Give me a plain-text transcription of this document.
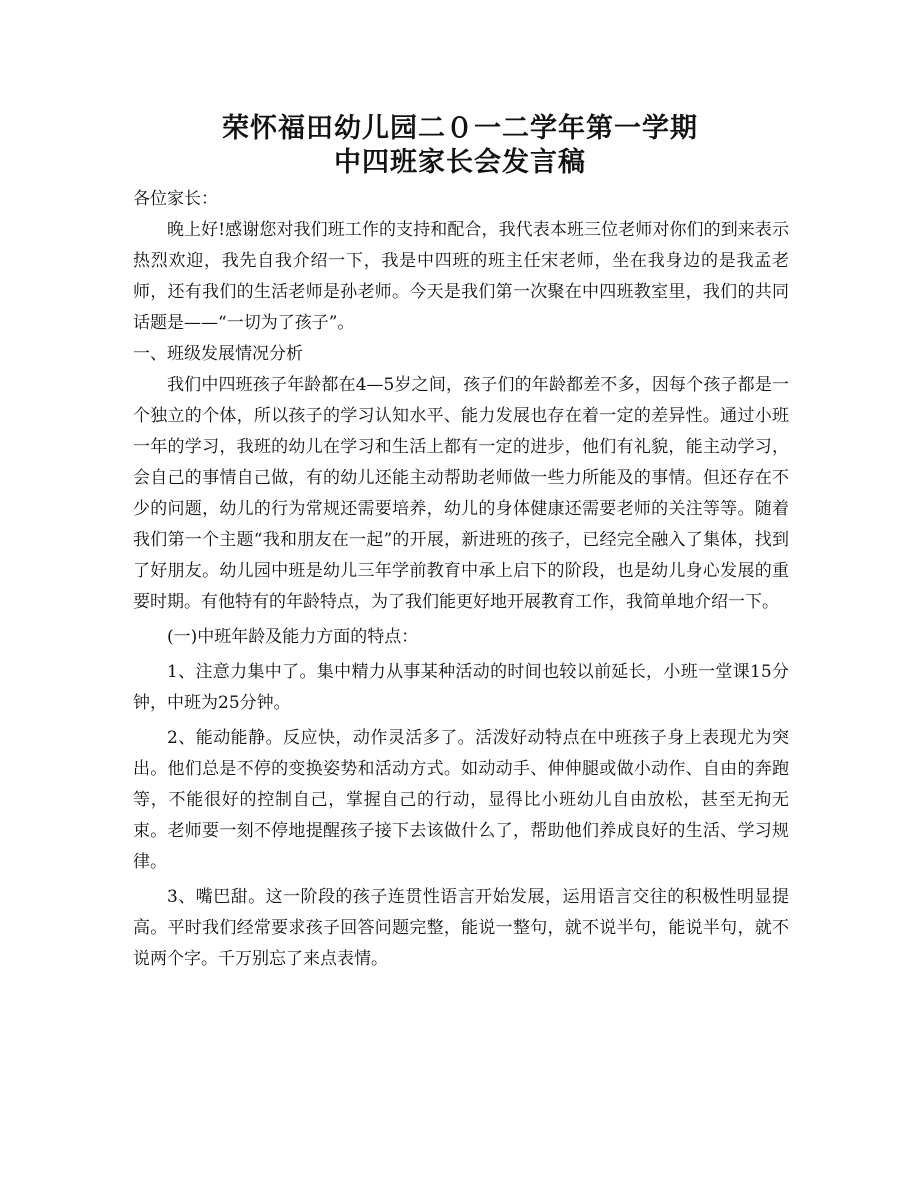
荣怀福田幼儿园二０一二学年第一学期
中四班家长会发言稿

各位家长：

晚上好!感谢您对我们班工作的支持和配合，我代表本班三位老师对你们的到来表示热烈欢迎，我先自我介绍一下，我是中四班的班主任宋老师，坐在我身边的是我孟老师，还有我们的生活老师是孙老师。今天是我们第一次聚在中四班教室里，我们的共同话题是——“一切为了孩子”。

一、班级发展情况分析

我们中四班孩子年龄都在4—5岁之间，孩子们的年龄都差不多，因每个孩子都是一个独立的个体，所以孩子的学习认知水平、能力发展也存在着一定的差异性。通过小班一年的学习，我班的幼儿在学习和生活上都有一定的进步，他们有礼貌，能主动学习，会自己的事情自己做，有的幼儿还能主动帮助老师做一些力所能及的事情。但还存在不少的问题，幼儿的行为常规还需要培养，幼儿的身体健康还需要老师的关注等等。随着我们第一个主题“我和朋友在一起”的开展，新进班的孩子，已经完全融入了集体，找到了好朋友。幼儿园中班是幼儿三年学前教育中承上启下的阶段，也是幼儿身心发展的重要时期。有他特有的年龄特点，为了我们能更好地开展教育工作，我简单地介绍一下。

(一)中班年龄及能力方面的特点：

1、注意力集中了。集中精力从事某种活动的时间也较以前延长，小班一堂课15分钟，中班为25分钟。

2、能动能静。反应快，动作灵活多了。活泼好动特点在中班孩子身上表现尤为突出。他们总是不停的变换姿势和活动方式。如动动手、伸伸腿或做小动作、自由的奔跑等，不能很好的控制自己，掌握自己的行动，显得比小班幼儿自由放松，甚至无拘无束。老师要一刻不停地提醒孩子接下去该做什么了，帮助他们养成良好的生活、学习规律。

3、嘴巴甜。这一阶段的孩子连贯性语言开始发展，运用语言交往的积极性明显提高。平时我们经常要求孩子回答问题完整，能说一整句，就不说半句，能说半句，就不说两个字。千万别忘了来点表情。
